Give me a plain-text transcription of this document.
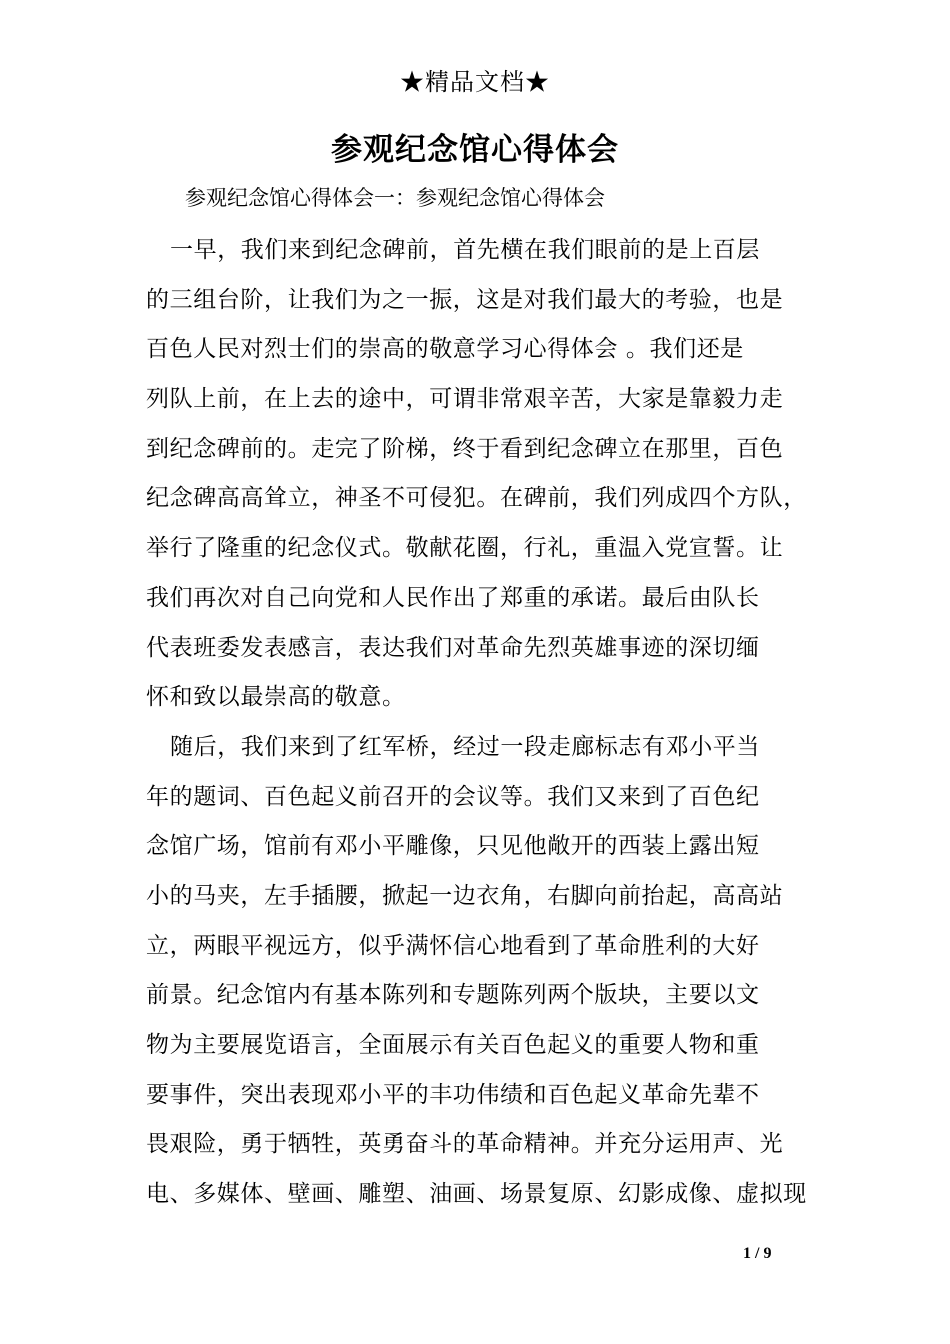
★精品文档★
参观纪念馆心得体会
参观纪念馆心得体会一：参观纪念馆心得体会
一早，我们来到纪念碑前，首先横在我们眼前的是上百层
的三组台阶，让我们为之一振，这是对我们最大的考验，也是
百色人民对烈士们的崇高的敬意学习心得体会 。我们还是
列队上前，在上去的途中，可谓非常艰辛苦，大家是靠毅力走
到纪念碑前的。走完了阶梯，终于看到纪念碑立在那里，百色
纪念碑高高耸立，神圣不可侵犯。在碑前，我们列成四个方队，
举行了隆重的纪念仪式。敬献花圈，行礼，重温入党宣誓。让
我们再次对自己向党和人民作出了郑重的承诺。最后由队长
代表班委发表感言，表达我们对革命先烈英雄事迹的深切缅
怀和致以最崇高的敬意。
随后，我们来到了红军桥，经过一段走廊标志有邓小平当
年的题词、百色起义前召开的会议等。我们又来到了百色纪
念馆广场，馆前有邓小平雕像，只见他敞开的西装上露出短
小的马夹，左手插腰，掀起一边衣角，右脚向前抬起，高高站
立，两眼平视远方，似乎满怀信心地看到了革命胜利的大好
前景。纪念馆内有基本陈列和专题陈列两个版块，主要以文
物为主要展览语言，全面展示有关百色起义的重要人物和重
要事件，突出表现邓小平的丰功伟绩和百色起义革命先辈不
畏艰险，勇于牺牲，英勇奋斗的革命精神。并充分运用声、光
电、多媒体、壁画、雕塑、油画、场景复原、幻影成像、虚拟现
1 / 9
